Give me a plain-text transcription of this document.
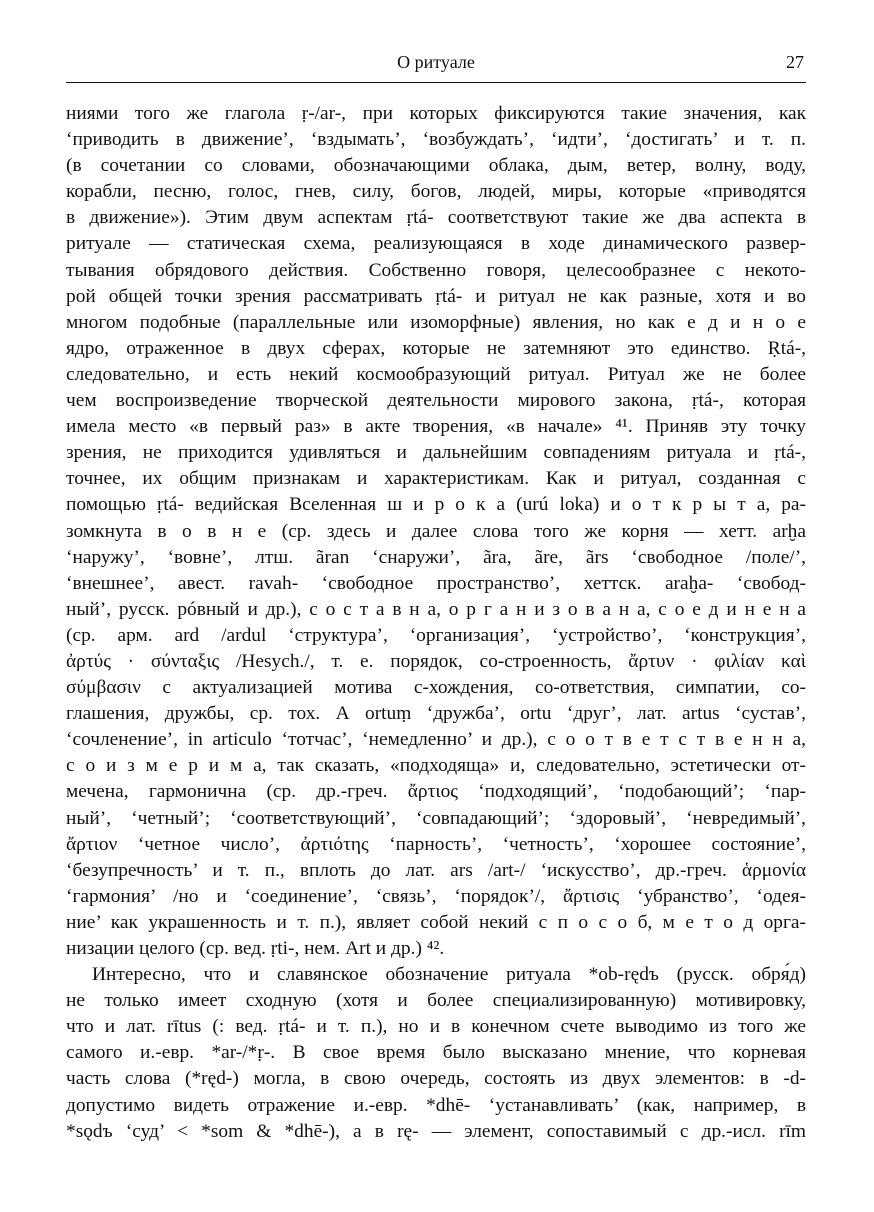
О ритуале	27
ниями того же глагола ṛ-/ar-, при которых фиксируются такие значения, как
‘приводить в движение’, ‘вздымать’, ‘возбуждать’, ‘идти’, ‘достигать’ и т. п.
(в сочетании со словами, обозначающими облака, дым, ветер, волну, воду,
корабли, песню, голос, гнев, силу, богов, людей, миры, которые «приводятся
в движение»). Этим двум аспектам ṛtá- соответствуют такие же два аспекта в
ритуале — статическая схема, реализующаяся в ходе динамического развер-
тывания обрядового действия. Собственно говоря, целесообразнее с некото-
рой общей точки зрения рассматривать ṛtá- и ритуал не как разные, хотя и во
многом подобные (параллельные или изоморфные) явления, но как е д и н о е
ядро, отраженное в двух сферах, которые не затемняют это единство. Ṛtá-,
следовательно, и есть некий космообразующий ритуал. Ритуал же не более
чем воспроизведение творческой деятельности мирового закона, ṛtá-, которая
имела место «в первый раз» в акте творения, «в начале» ⁴¹. Приняв эту точку
зрения, не приходится удивляться и дальнейшим совпадениям ритуала и ṛtá-,
точнее, их общим признакам и характеристикам. Как и ритуал, созданная с
помощью ṛtá- ведийская Вселенная ш и р о к а (urú loka) и о т к р ы т а, ра-
зомкнута в о в н е (ср. здесь и далее слова того же корня — хетт. arḫa
‘наружу’, ‘вовне’, лтш. ãran ‘снаружи’, ãra, ãre, ãrs ‘свободное /поле/’,
‘внешнее’, авест. ravah- ‘свободное пространство’, хеттск. araḫa- ‘свобод-
ный’, русск. рóвный и др.), с о с т а в н а, о р г а н и з о в а н а, с о е д и н е н а
(ср. арм. ard /ardul ‘структура’, ‘организация’, ‘устройство’, ‘конструкция’,
ἀρτύς · σύνταξις /Hesych./, т. е. порядок, со-строенность, ἄρτυν · φιλίαν καὶ
σύμβασιν с актуализацией мотива с-хождения, со-ответствия, симпатии, со-
глашения, дружбы, ср. тох. А ortuṃ ‘дружба’, ortu ‘друг’, лат. artus ‘сустав’,
‘сочленение’, in articulo ‘тотчас’, ‘немедленно’ и др.), с о о т в е т с т в е н н а,
с о и з м е р и м а, так сказать, «подходяща» и, следовательно, эстетически от-
мечена, гармонична (ср. др.-греч. ἄρτιος ‘подходящий’, ‘подобающий’; ‘пар-
ный’, ‘четный’; ‘соответствующий’, ‘совпадающий’; ‘здоровый’, ‘невредимый’,
ἄρτιον ‘четное число’, ἀρτιότης ‘парность’, ‘четность’, ‘хорошее состояние’,
‘безупречность’ и т. п., вплоть до лат. ars /art-/ ‘искусство’, др.-греч. ἁρμονία
‘гармония’ /но и ‘соединение’, ‘связь’, ‘порядок’/, ἄρτισις ‘убранство’, ‘одея-
ние’ как украшенность и т. п.), являет собой некий с п о с о б, м е т о д орга-
низации целого (ср. вед. ṛti-, нем. Art и др.) ⁴².
Интересно, что и славянское обозначение ритуала *ob-rędъ (русск. обря́д)
не только имеет сходную (хотя и более специализированную) мотивировку,
что и лат. rītus (: вед. ṛtá- и т. п.), но и в конечном счете выводимо из того же
самого и.-евр. *ar-/*ṛ-. В свое время было высказано мнение, что корневая
часть слова (*ręd-) могла, в свою очередь, состоять из двух элементов: в -d-
допустимо видеть отражение и.-евр. *dhē- ‘устанавливать’ (как, например, в
*sǫdъ ‘суд’ < *som & *dhē-), а в rę- — элемент, сопоставимый с др.-исл. rīm
